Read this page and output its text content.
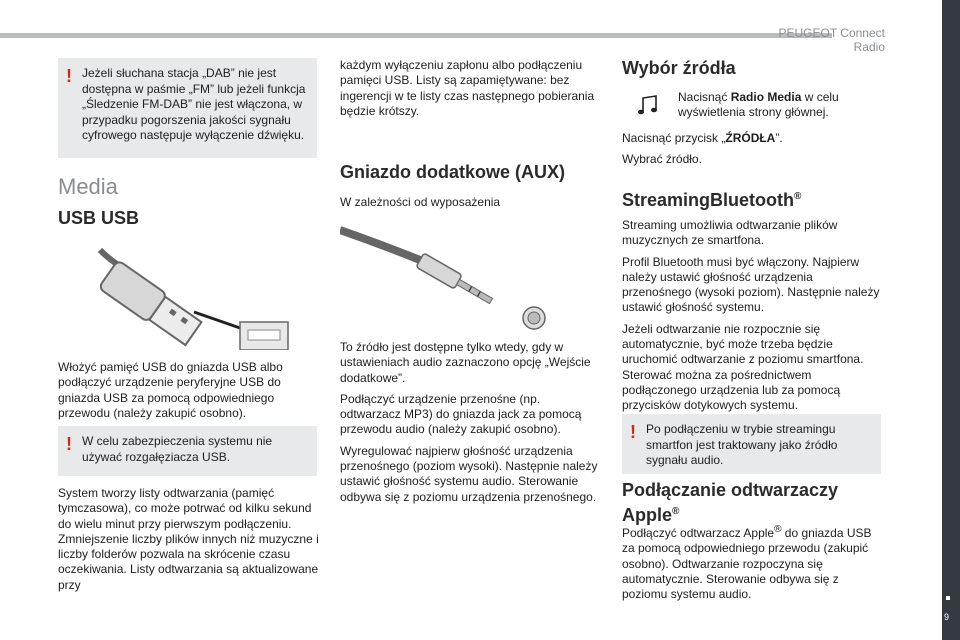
PEUGEOT Connect Radio
9
! Jeżeli słuchana stacja „DAB” nie jest dostępna w paśmie „FM” lub jeżeli funkcja „Śledzenie FM-DAB” nie jest włączona, w przypadku pogorszenia jakości sygnału cyfrowego następuje wyłączenie dźwięku.

Media
USB USB

Włożyć pamięć USB do gniazda USB albo podłączyć urządzenie peryferyjne USB do gniazda USB za pomocą odpowiedniego przewodu (należy zakupić osobno).

! W celu zabezpieczenia systemu nie używać rozgałęziacza USB.

System tworzy listy odtwarzania (pamięć tymczasowa), co może potrwać od kilku sekund do wielu minut przy pierwszym podłączeniu. Zmniejszenie liczby plików innych niż muzyczne i liczby folderów pozwala na skrócenie czasu oczekiwania. Listy odtwarzania są aktualizowane przy

każdym wyłączeniu zapłonu albo podłączeniu pamięci USB. Listy są zapamiętywane: bez ingerencji w te listy czas następnego pobierania będzie krótszy.

Gniazdo dodatkowe (AUX)

W zależności od wyposażenia

To źródło jest dostępne tylko wtedy, gdy w ustawieniach audio zaznaczono opcję „Wejście dodatkowe”.

Podłączyć urządzenie przenośne (np. odtwarzacz MP3) do gniazda jack za pomocą przewodu audio (należy zakupić osobno).

Wyregulować najpierw głośność urządzenia przenośnego (poziom wysoki). Następnie należy ustawić głośność systemu audio. Sterowanie odbywa się z poziomu urządzenia przenośnego.

Wybór źródła

Nacisnąć Radio Media w celu wyświetlenia strony głównej.

Nacisnąć przycisk „ŹRÓDŁA”.

Wybrać źródło.

StreamingBluetooth®

Streaming umożliwia odtwarzanie plików muzycznych ze smartfona.

Profil Bluetooth musi być włączony. Najpierw należy ustawić głośność urządzenia przenośnego (wysoki poziom). Następnie należy ustawić głośność systemu.

Jeżeli odtwarzanie nie rozpocznie się automatycznie, być może trzeba będzie uruchomić odtwarzanie z poziomu smartfona. Sterować można za pośrednictwem podłączonego urządzenia lub za pomocą przycisków dotykowych systemu.

! Po podłączeniu w trybie streamingu smartfon jest traktowany jako źródło sygnału audio.

Podłączanie odtwarzaczy Apple®

Podłączyć odtwarzacz Apple® do gniazda USB za pomocą odpowiedniego przewodu (zakupić osobno). Odtwarzanie rozpoczyna się automatycznie. Sterowanie odbywa się z poziomu systemu audio.
